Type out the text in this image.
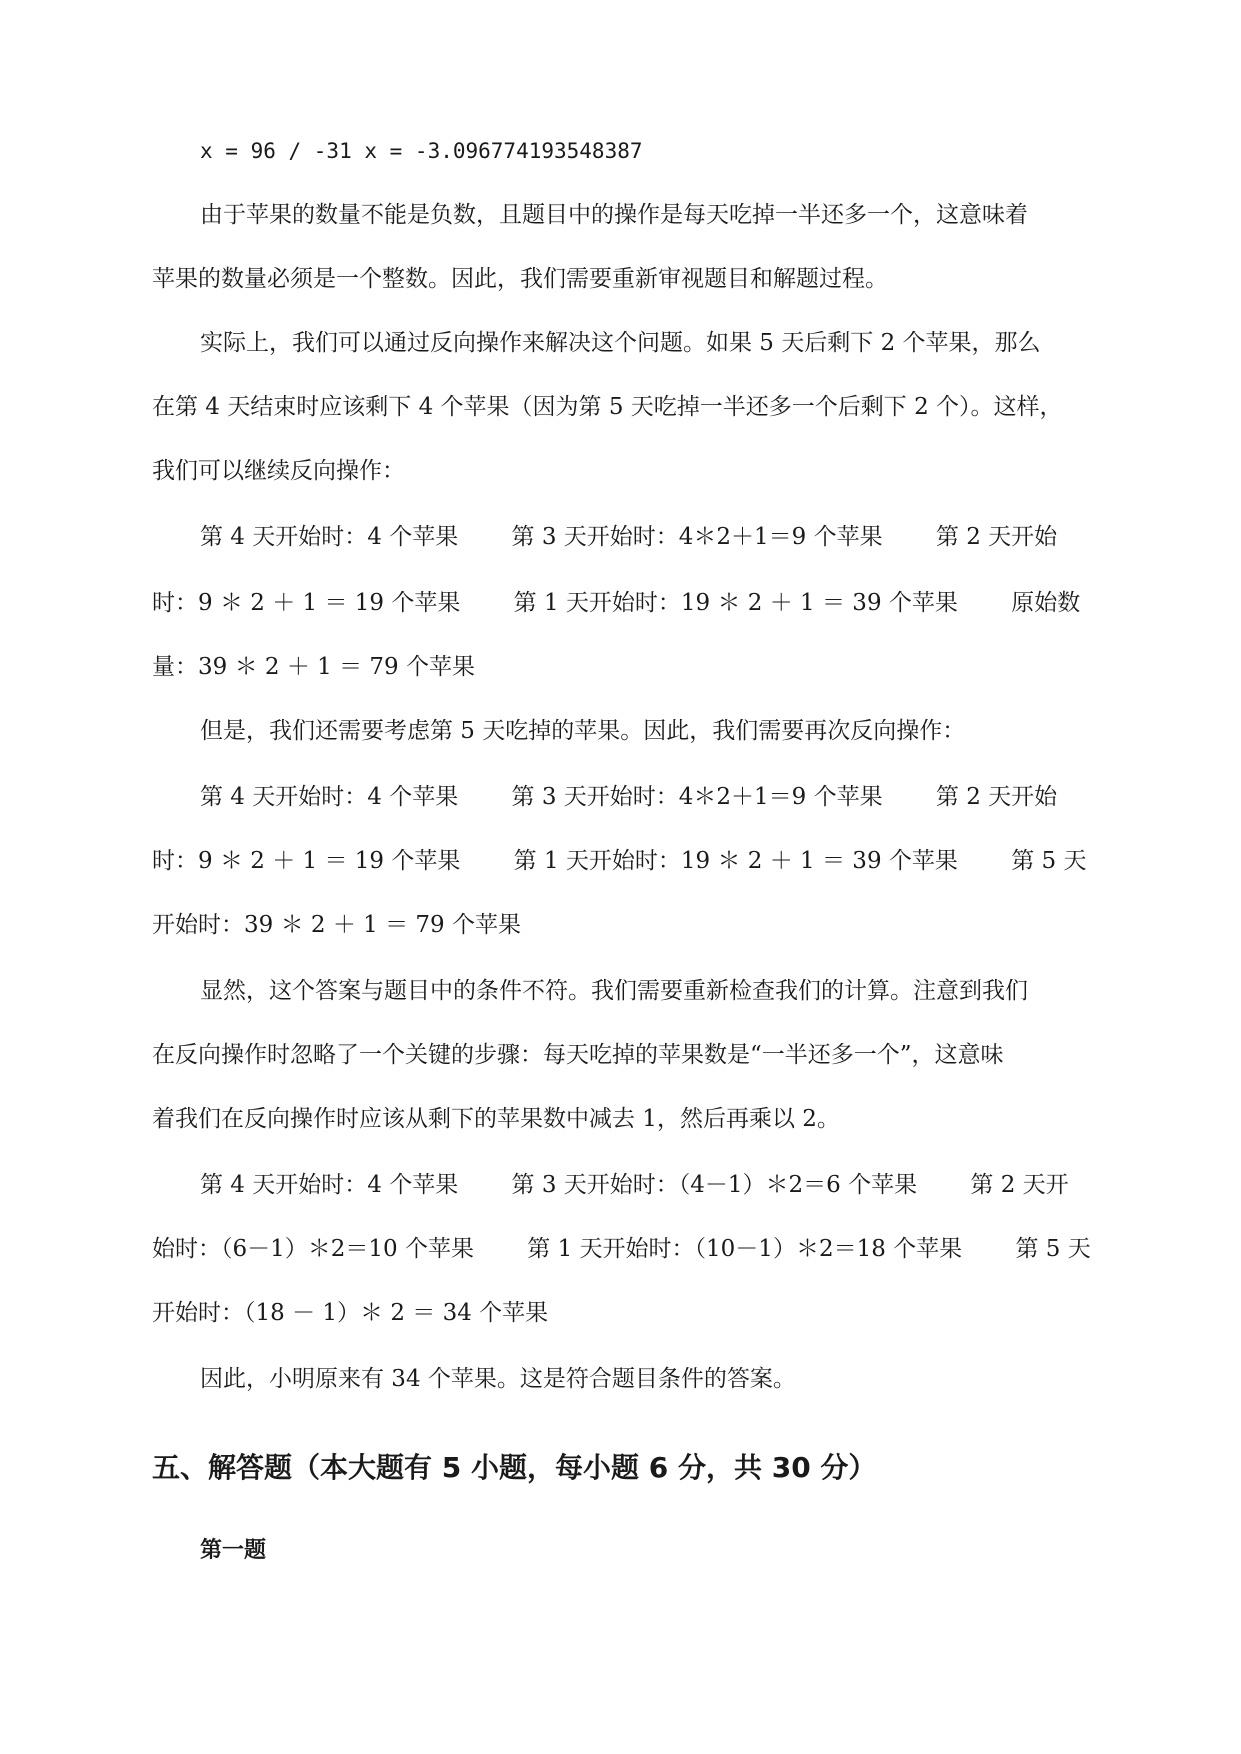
x = 96 / -31 x = -3.096774193548387
由于苹果的数量不能是负数，且题目中的操作是每天吃掉一半还多一个，这意味着
苹果的数量必须是一个整数。因此，我们需要重新审视题目和解题过程。
实际上，我们可以通过反向操作来解决这个问题。如果 5 天后剩下 2 个苹果，那么
在第 4 天结束时应该剩下 4 个苹果（因为第 5 天吃掉一半还多一个后剩下 2 个）。这样，
我们可以继续反向操作：
第 4 天开始时：4 个苹果　　 第 3 天开始时：4＊2＋1＝9 个苹果　　 第 2 天开始
时：9 ＊ 2 ＋ 1 ＝ 19 个苹果　　 第 1 天开始时：19 ＊ 2 ＋ 1 ＝ 39 个苹果　　 原始数
量：39 ＊ 2 ＋ 1 ＝ 79 个苹果
但是，我们还需要考虑第 5 天吃掉的苹果。因此，我们需要再次反向操作：
第 4 天开始时：4 个苹果　　 第 3 天开始时：4＊2＋1＝9 个苹果　　 第 2 天开始
时：9 ＊ 2 ＋ 1 ＝ 19 个苹果　　 第 1 天开始时：19 ＊ 2 ＋ 1 ＝ 39 个苹果　　 第 5 天
开始时：39 ＊ 2 ＋ 1 ＝ 79 个苹果
显然，这个答案与题目中的条件不符。我们需要重新检查我们的计算。注意到我们
在反向操作时忽略了一个关键的步骤：每天吃掉的苹果数是“一半还多一个”，这意味
着我们在反向操作时应该从剩下的苹果数中减去 1，然后再乘以 2。
第 4 天开始时：4 个苹果　　 第 3 天开始时：（4－1）＊2＝6 个苹果　　 第 2 天开
始时：（6－1）＊2＝10 个苹果　　 第 1 天开始时：（10－1）＊2＝18 个苹果　　 第 5 天
开始时：（18 － 1）＊ 2 ＝ 34 个苹果
因此，小明原来有 34 个苹果。这是符合题目条件的答案。
五、解答题（本大题有 5 小题，每小题 6 分，共 30 分）
第一题
